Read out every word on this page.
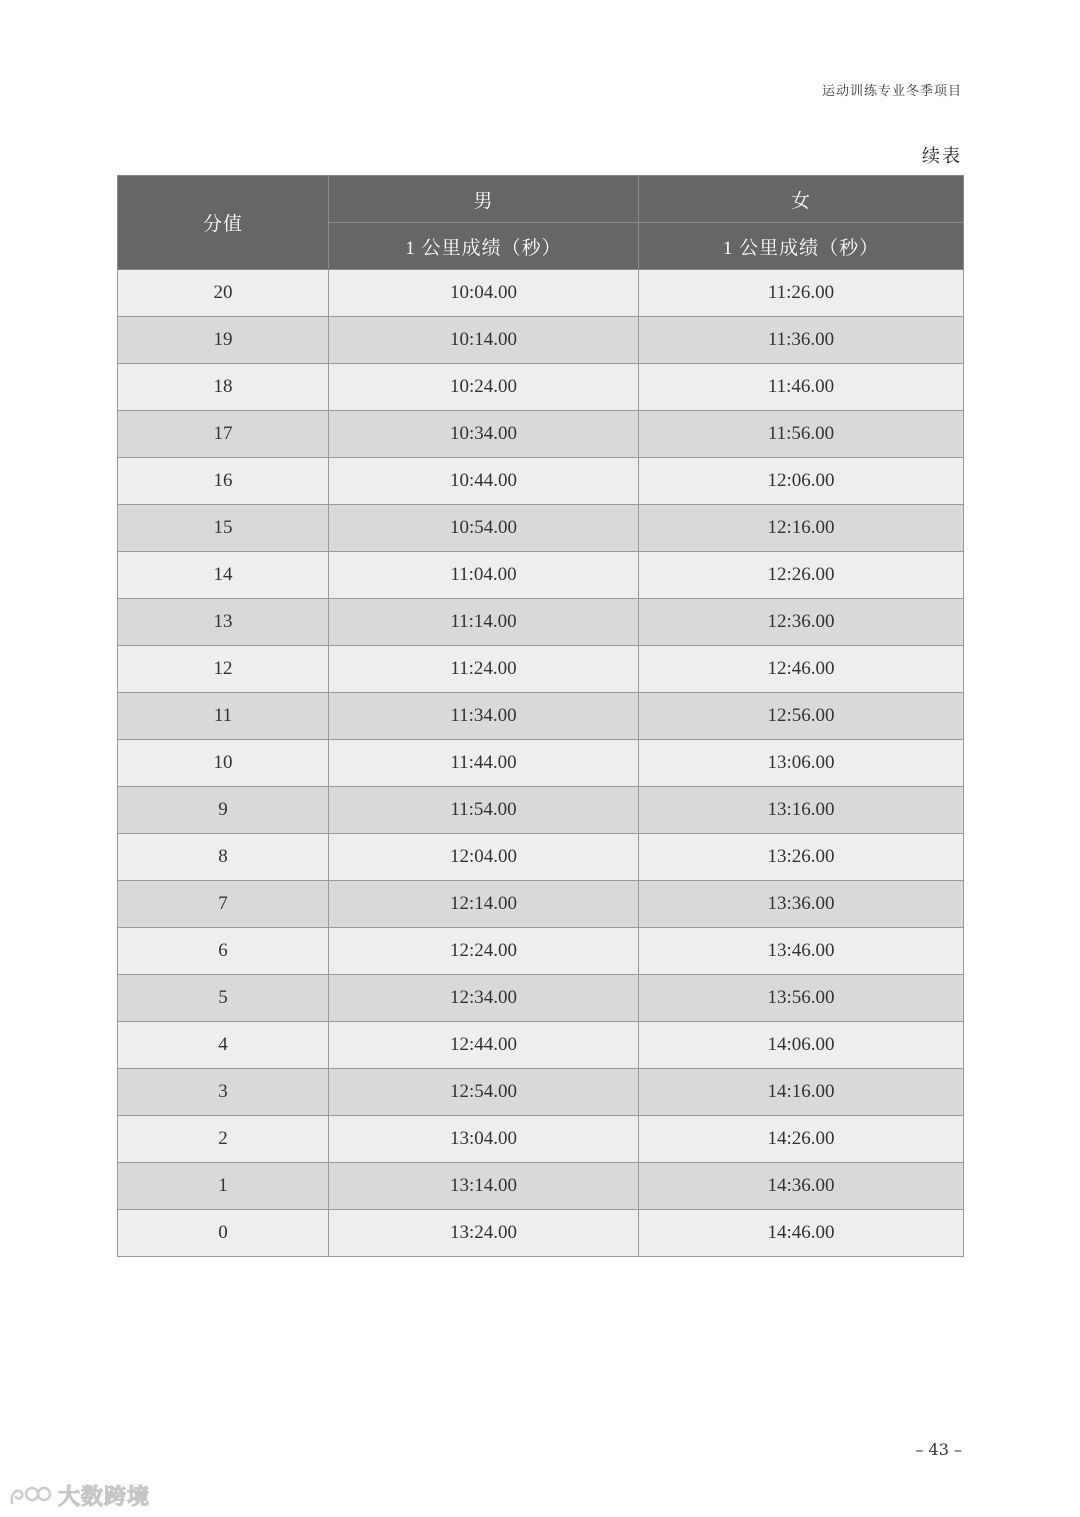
运动训练专业冬季项目
续表
分值	男	女
	1 公里成绩（秒）	1 公里成绩（秒）
20	10:04.00	11:26.00
19	10:14.00	11:36.00
18	10:24.00	11:46.00
17	10:34.00	11:56.00
16	10:44.00	12:06.00
15	10:54.00	12:16.00
14	11:04.00	12:26.00
13	11:14.00	12:36.00
12	11:24.00	12:46.00
11	11:34.00	12:56.00
10	11:44.00	13:06.00
9	11:54.00	13:16.00
8	12:04.00	13:26.00
7	12:14.00	13:36.00
6	12:24.00	13:46.00
5	12:34.00	13:56.00
4	12:44.00	14:06.00
3	12:54.00	14:16.00
2	13:04.00	14:26.00
1	13:14.00	14:36.00
0	13:24.00	14:46.00
– 43 –
大数跨境
